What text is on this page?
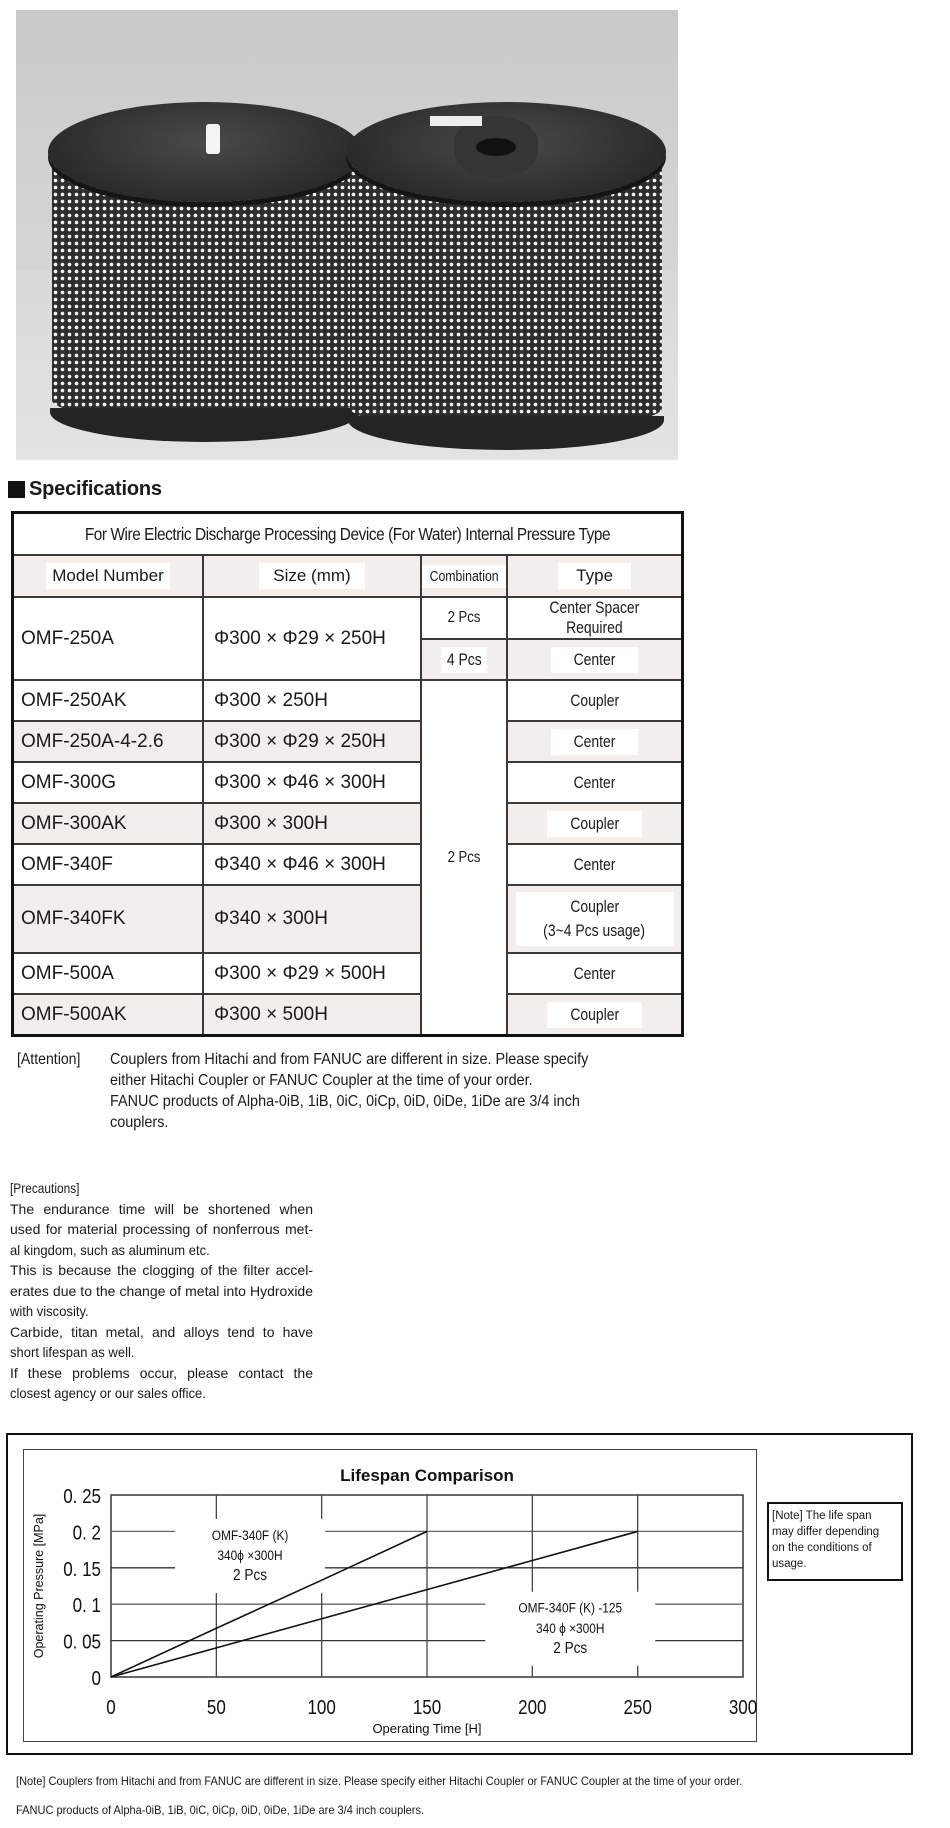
Specifications
For Wire Electric Discharge Processing Device (For Water) Internal Pressure Type			
Model Number	Size (mm)	Combination	Type
OMF-250A	Φ300 × Φ29 × 250H	2 Pcs	Center Spacer Required
		4 Pcs	Center
OMF-250AK	Φ300 × 250H	2 Pcs	Coupler
OMF-250A-4-2.6	Φ300 × Φ29 × 250H		Center
OMF-300G	Φ300 × Φ46 × 300H		Center
OMF-300AK	Φ300 × 300H		Coupler
OMF-340F	Φ340 × Φ46 × 300H		Center
OMF-340FK	Φ340 × 300H		Coupler
(3~4 Pcs usage)
OMF-500A	Φ300 × Φ29 × 500H		Center
OMF-500AK	Φ300 × 500H		Coupler
[Attention] Couplers from Hitachi and from FANUC are different in size. Please specify
either Hitachi Coupler or FANUC Coupler at the time of your order.
FANUC products of Alpha-0iB, 1iB, 0iC, 0iCp, 0iD, 0iDe, 1iDe are 3/4 inch
couplers.
[Precautions]
The endurance time will be shortened when
used for material processing of nonferrous met-
al kingdom, such as aluminum etc.
This is because the clogging of the filter accel-
erates due to the change of metal into Hydroxide
with viscosity.
Carbide, titan metal, and alloys tend to have
short lifespan as well.
If these problems occur, please contact the
closest agency or our sales office.
OMF-340F (K)
340ϕ ×300H
2 Pcs
OMF-340F (K) -125
340 ϕ ×300H
2 Pcs
0
0. 05
0. 1
0. 15
0. 2
0. 25
0	50	100	150	200	250	300
Lifespan Comparison
Operating Time [H]
Operating Pressure [MPa]	[Note] The life span
may differ depending
on the conditions of
usage.
[Note] Couplers from Hitachi and from FANUC are different in size. Please specify either Hitachi Coupler or FANUC Coupler at the time of your order.
FANUC products of Alpha-0iB, 1iB, 0iC, 0iCp, 0iD, 0iDe, 1iDe are 3/4 inch couplers.
